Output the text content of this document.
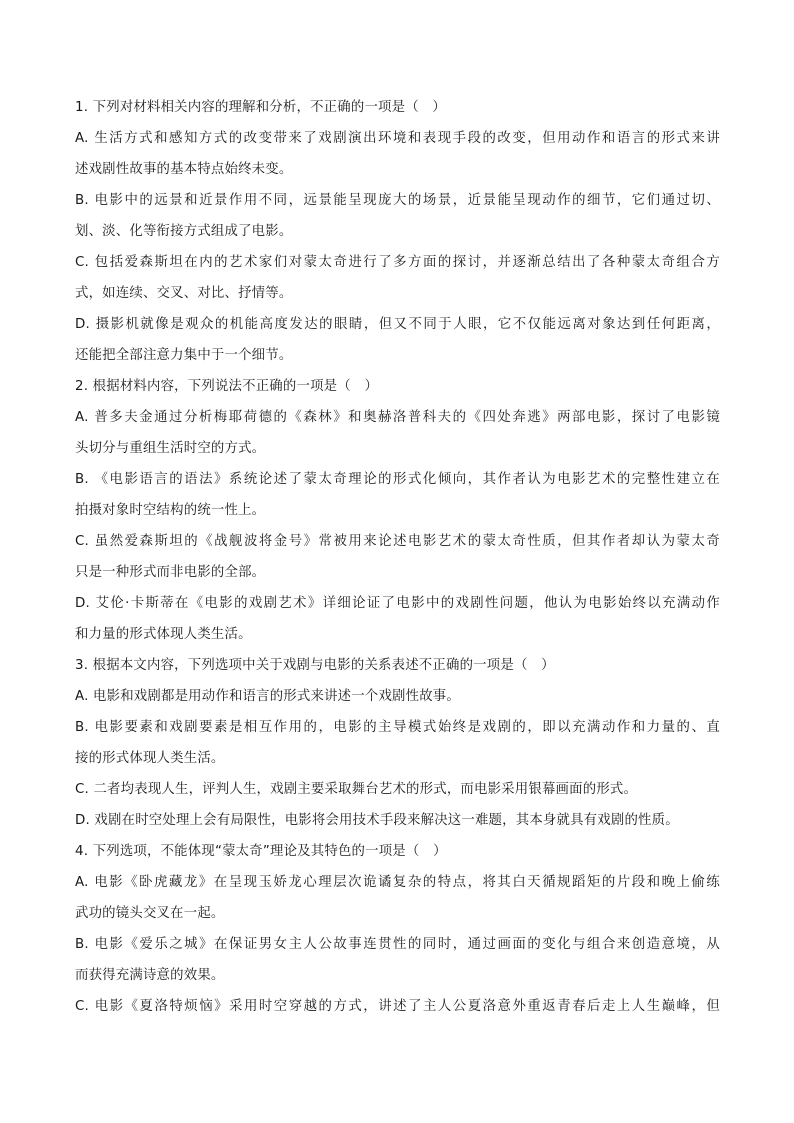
1. 下列对材料相关内容的理解和分析，不正确的一项是（　）
A. 生活方式和感知方式的改变带来了戏剧演出环境和表现手段的改变，但用动作和语言的形式来讲
述戏剧性故事的基本特点始终未变。
B. 电影中的远景和近景作用不同，远景能呈现庞大的场景，近景能呈现动作的细节，它们通过切、
划、淡、化等衔接方式组成了电影。
C. 包括爱森斯坦在内的艺术家们对蒙太奇进行了多方面的探讨，并逐渐总结出了各种蒙太奇组合方
式，如连续、交叉、对比、抒情等。
D. 摄影机就像是观众的机能高度发达的眼睛，但又不同于人眼，它不仅能远离对象达到任何距离，
还能把全部注意力集中于一个细节。
2. 根据材料内容，下列说法不正确的一项是（　）
A. 普多夫金通过分析梅耶荷德的《森林》和奥赫洛普科夫的《四处奔逃》两部电影，探讨了电影镜
头切分与重组生活时空的方式。
B. 《电影语言的语法》系统论述了蒙太奇理论的形式化倾向，其作者认为电影艺术的完整性建立在
拍摄对象时空结构的统一性上。
C. 虽然爱森斯坦的《战舰波将金号》常被用来论述电影艺术的蒙太奇性质，但其作者却认为蒙太奇
只是一种形式而非电影的全部。
D. 艾伦·卡斯蒂在《电影的戏剧艺术》详细论证了电影中的戏剧性问题，他认为电影始终以充满动作
和力量的形式体现人类生活。
3. 根据本文内容，下列选项中关于戏剧与电影的关系表述不正确的一项是（　）
A. 电影和戏剧都是用动作和语言的形式来讲述一个戏剧性故事。
B. 电影要素和戏剧要素是相互作用的，电影的主导模式始终是戏剧的，即以充满动作和力量的、直
接的形式体现人类生活。
C. 二者均表现人生，评判人生，戏剧主要采取舞台艺术的形式，而电影采用银幕画面的形式。
D. 戏剧在时空处理上会有局限性，电影将会用技术手段来解决这一难题，其本身就具有戏剧的性质。
4. 下列选项，不能体现“蒙太奇”理论及其特色的一项是（　）
A. 电影《卧虎藏龙》在呈现玉娇龙心理层次诡谲复杂的特点，将其白天循规蹈矩的片段和晚上偷练
武功的镜头交叉在一起。
B. 电影《爱乐之城》在保证男女主人公故事连贯性的同时，通过画面的变化与组合来创造意境，从
而获得充满诗意的效果。
C. 电影《夏洛特烦恼》采用时空穿越的方式，讲述了主人公夏洛意外重返青春后走上人生巅峰，但
